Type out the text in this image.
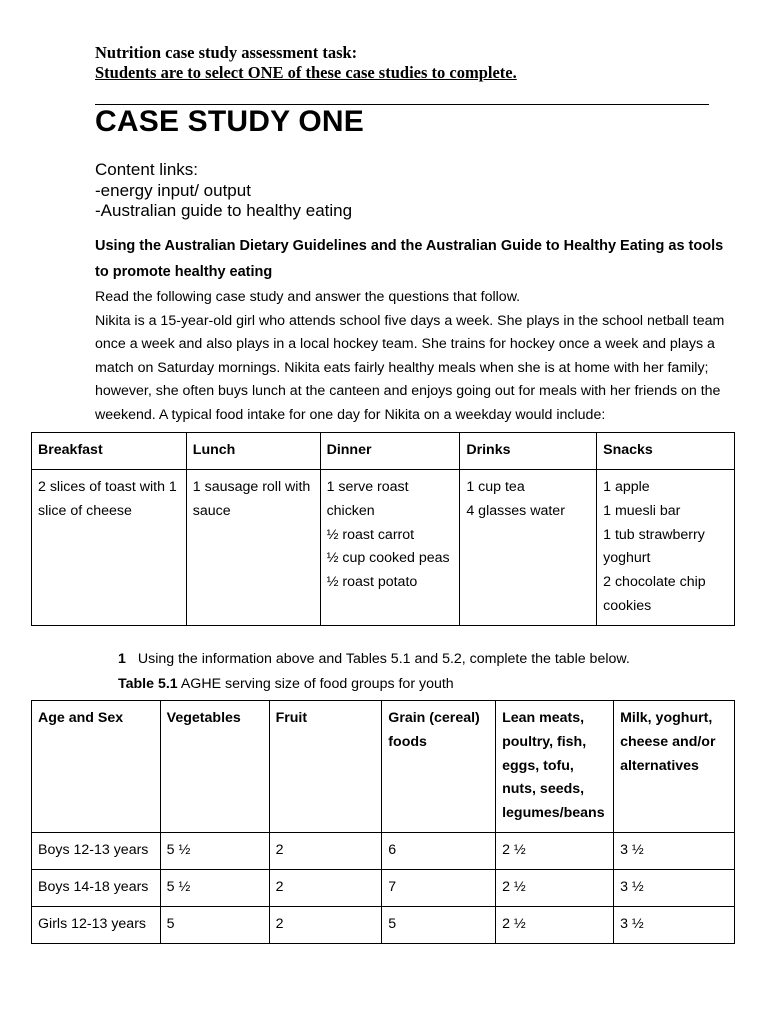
Nutrition case study assessment task:
Students are to select ONE of these case studies to complete.
CASE STUDY ONE
Content links:
-energy input/ output
-Australian guide to healthy eating
Using the Australian Dietary Guidelines and the Australian Guide to Healthy Eating as tools to promote healthy eating

Read the following case study and answer the questions that follow.

Nikita is a 15-year-old girl who attends school five days a week. She plays in the school netball team once a week and also plays in a local hockey team. She trains for hockey once a week and plays a match on Saturday mornings. Nikita eats fairly healthy meals when she is at home with her family; however, she often buys lunch at the canteen and enjoys going out for meals with her friends on the weekend. A typical food intake for one day for Nikita on a weekday would include:

Breakfast	Lunch	Dinner	Drinks	Snacks

2 slices of toast with 1 slice of cheese	1 sausage roll with sauce	1 serve roast chicken
½ roast carrot
½ cup cooked peas
½ roast potato	1 cup tea
4 glasses water	1 apple
1 muesli bar
1 tub strawberry yoghurt
2 chocolate chip cookies
1 Using the information above and Tables 5.1 and 5.2, complete the table below.
Table 5.1 AGHE serving size of food groups for youth
Age and Sex	Vegetables	Fruit	Grain (cereal) foods	Lean meats, poultry, fish, eggs, tofu, nuts, seeds, legumes/beans	Milk, yoghurt, cheese and/or alternatives
Boys 12-13 years	5 ½	2	6	2 ½	3 ½
Boys 14-18 years	5 ½	2	7	2 ½	3 ½
Girls 12-13 years	5	2	5	2 ½	3 ½
